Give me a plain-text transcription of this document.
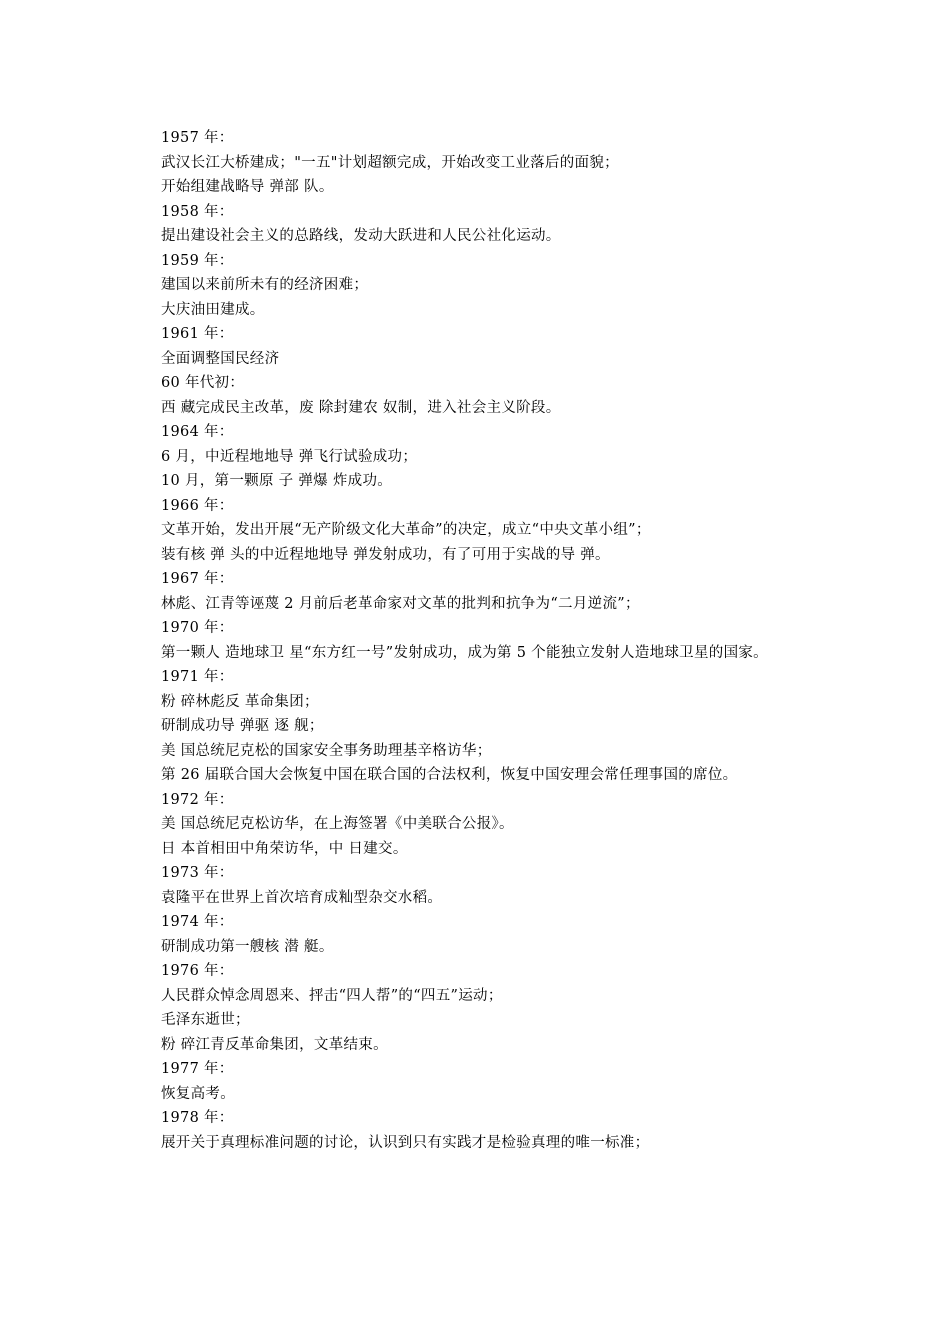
1957 年：
武汉长江大桥建成；"一五"计划超额完成，开始改变工业落后的面貌；
开始组建战略导 弹部 队。
1958 年：
提出建设社会主义的总路线，发动大跃进和人民公社化运动。
1959 年：
建国以来前所未有的经济困难；
大庆油田建成。
1961 年：
全面调整国民经济
60 年代初：
西 藏完成民主改革，废 除封建农 奴制，进入社会主义阶段。
1964 年：
6 月，中近程地地导 弹飞行试验成功；
10 月，第一颗原 子 弹爆 炸成功。
1966 年：
文革开始，发出开展“无产阶级文化大革命”的决定，成立“中央文革小组”；
装有核 弹 头的中近程地地导 弹发射成功，有了可用于实战的导 弹。
1967 年：
林彪、江青等诬蔑 2 月前后老革命家对文革的批判和抗争为“二月逆流”；
1970 年：
第一颗人 造地球卫 星“东方红一号”发射成功，成为第 5 个能独立发射人造地球卫星的国家。
1971 年：
粉 碎林彪反 革命集团；
研制成功导 弹驱 逐 舰；
美 国总统尼克松的国家安全事务助理基辛格访华；
第 26 届联合国大会恢复中国在联合国的合法权利，恢复中国安理会常任理事国的席位。
1972 年：
美 国总统尼克松访华，在上海签署《中美联合公报》。
日 本首相田中角荣访华，中 日建交。
1973 年：
袁隆平在世界上首次培育成籼型杂交水稻。
1974 年：
研制成功第一艘核 潜 艇。
1976 年：
人民群众悼念周恩来、抨击“四人帮”的“四五”运动；
毛泽东逝世；
粉 碎江青反革命集团，文革结束。
1977 年：
恢复高考。
1978 年：
展开关于真理标准问题的讨论，认识到只有实践才是检验真理的唯一标准；
